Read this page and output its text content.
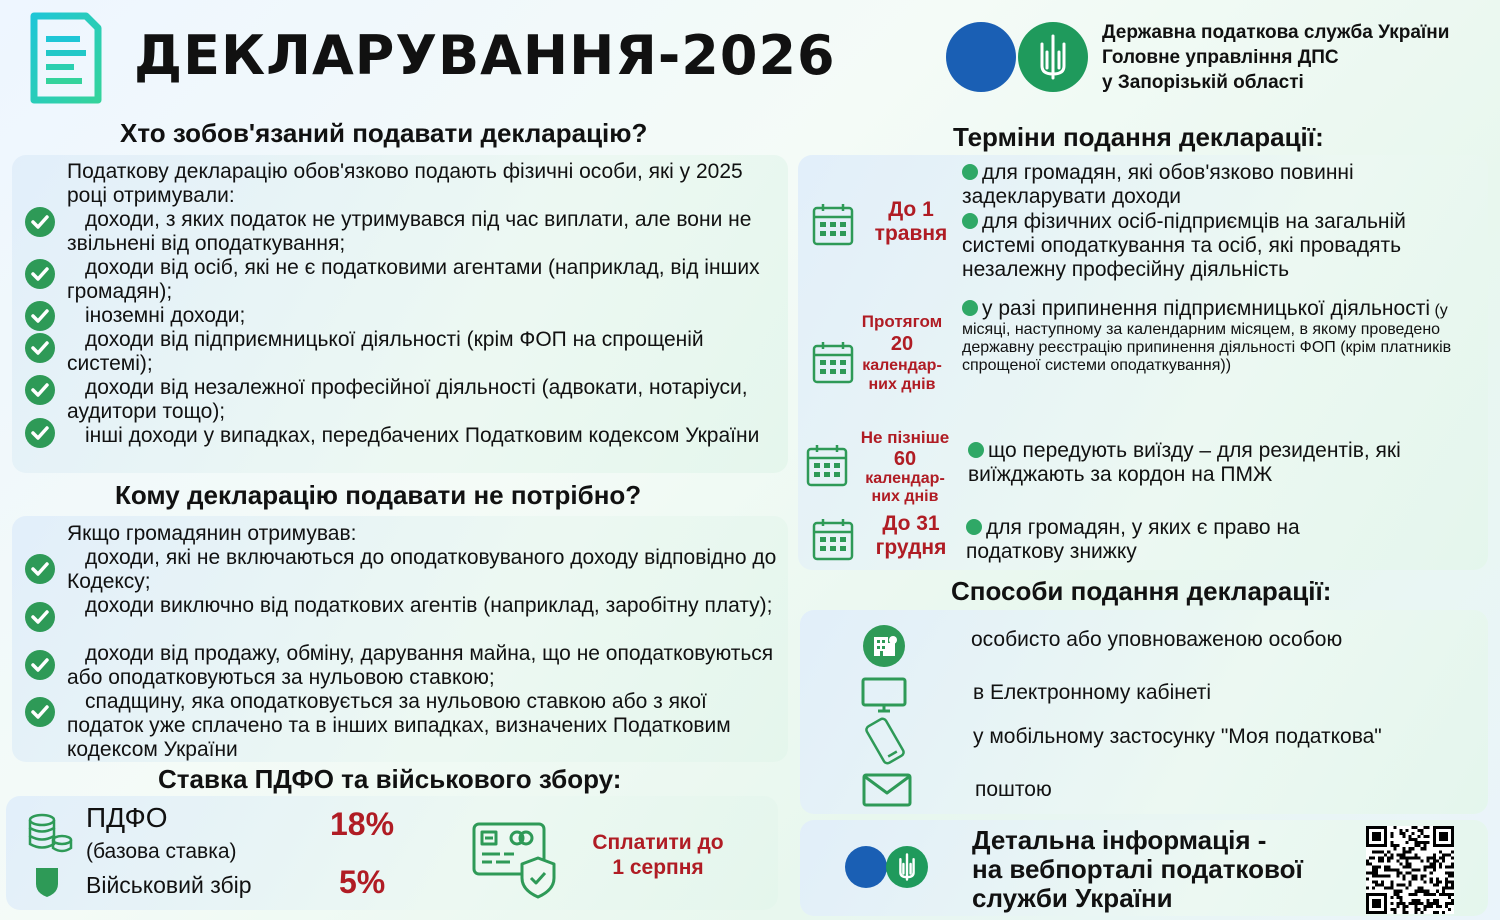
ДЕКЛАРУВАННЯ-2026	Державна податкова служба України
Головне управління ДПС
у Запорізькій області
Хто зобов'язаний подавати декларацію?
Податкову декларацію обов'язково подають фізичні особи, які у 2025 році отримували:
доходи, з яких податок не утримувався під час виплати, але вони не звільнені від оподаткування;
доходи від осіб, які не є податковими агентами (наприклад, від інших громадян);
іноземні доходи;
доходи від підприємницької діяльності (крім ФОП на спрощеній системі);
доходи від незалежної професійної діяльності (адвокати, нотаріуси, аудитори тощо);
інші доходи у випадках, передбачених Податковим кодексом України
Кому декларацію подавати не потрібно?
Якщо громадянин отримував:
доходи, які не включаються до оподатковуваного доходу відповідно до Кодексу;
доходи виключно від податкових агентів (наприклад, заробітну плату);
доходи від продажу, обміну, дарування майна, що не оподатковуються або оподатковуються за нульовою ставкою;
спадщину, яка оподатковується за нульовою ставкою або з якої податок уже сплачено та в інших випадках, визначених Податковим кодексом України
Ставка ПДФО та військового збору:
ПДФО
(базова ставка)
18%
Військовий збір	5%
Сплатити до
1 серпня
Терміни подання декларації:
До 1
травня
для громадян, які обов'язково повинні задекларувати доходи
для фізичних осіб-підприємців на загальній системі оподаткування та осіб, які провадять незалежну професійну діяльність
Протягом
20
календар-
них днів
у разі припинення підприємницької діяльності (у місяці, наступному за календарним місяцем, в якому проведено державну реєстрацію припинення діяльності ФОП (крім платників спрощеної системи оподаткування))
Не пізніше
60
календар-
них днів
що передують виїзду – для резидентів, які виїжджають за кордон на ПМЖ
До 31
грудня
для громадян, у яких є право на податкову знижку
Способи подання декларації:
особисто або уповноваженою особою
в Електронному кабінеті
у мобільному застосунку "Моя податкова"
поштою
Детальна інформація -
на вебпорталі податкової
служби України
